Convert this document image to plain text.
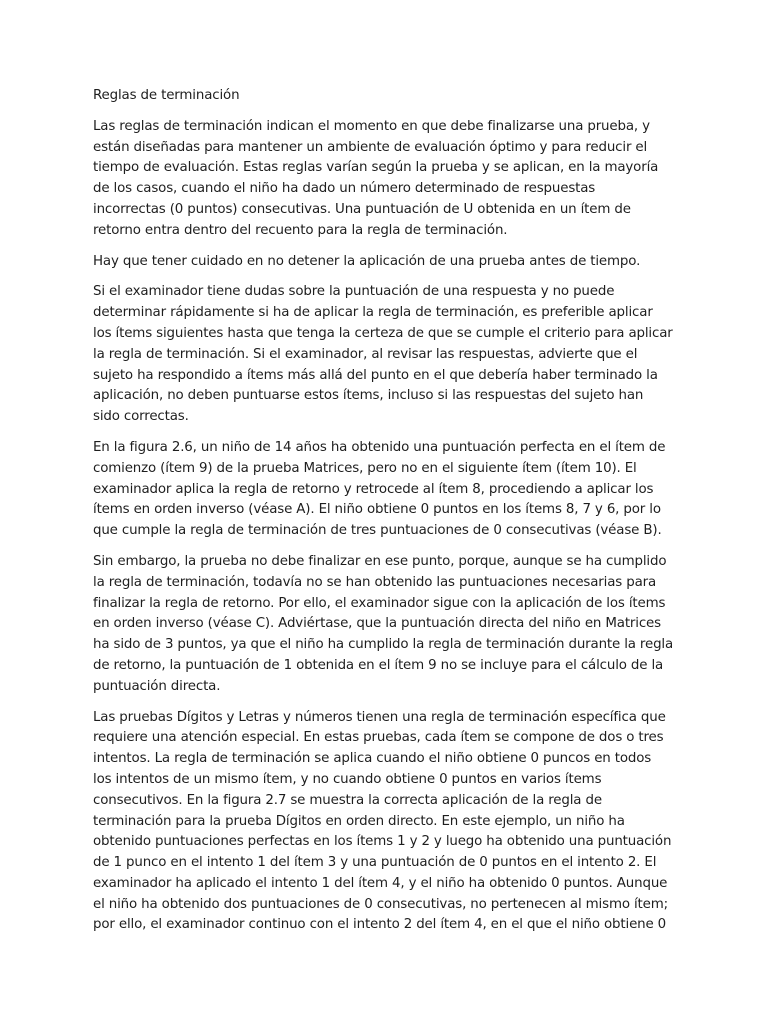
Reglas de terminación

Las reglas de terminación indican el momento en que debe finalizarse una prueba, y
están diseñadas para mantener un ambiente de evaluación óptimo y para reducir el
tiempo de evaluación. Estas reglas varían según la prueba y se aplican, en la mayoría
de los casos, cuando el niño ha dado un número determinado de respuestas
incorrectas (0 puntos) consecutivas. Una puntuación de U obtenida en un ítem de
retorno entra dentro del recuento para la regla de terminación.

Hay que tener cuidado en no detener la aplicación de una prueba antes de tiempo.

Si el examinador tiene dudas sobre la puntuación de una respuesta y no puede
determinar rápidamente si ha de aplicar la regla de terminación, es preferible aplicar
los ítems siguientes hasta que tenga la certeza de que se cumple el criterio para aplicar
la regla de terminación. Si el examinador, al revisar las respuestas, advierte que el
sujeto ha respondido a ítems más allá del punto en el que debería haber terminado la
aplicación, no deben puntuarse estos ítems, incluso si las respuestas del sujeto han
sido correctas.

En la figura 2.6, un niño de 14 años ha obtenido una puntuación perfecta en el ítem de
comienzo (ítem 9) de la prueba Matrices, pero no en el siguiente ítem (ítem 10). El
examinador aplica la regla de retorno y retrocede al ítem 8, procediendo a aplicar los
ítems en orden inverso (véase A). El niño obtiene 0 puntos en los ítems 8, 7 y 6, por lo
que cumple la regla de terminación de tres puntuaciones de 0 consecutivas (véase B).

Sin embargo, la prueba no debe finalizar en ese punto, porque, aunque se ha cumplido
la regla de terminación, todavía no se han obtenido las puntuaciones necesarias para
finalizar la regla de retorno. Por ello, el examinador sigue con la aplicación de los ítems
en orden inverso (véase C). Adviértase, que la puntuación directa del niño en Matrices
ha sido de 3 puntos, ya que el niño ha cumplido la regla de terminación durante la regla
de retorno, la puntuación de 1 obtenida en el ítem 9 no se incluye para el cálculo de la
puntuación directa.

Las pruebas Dígitos y Letras y números tienen una regla de terminación específica que
requiere una atención especial. En estas pruebas, cada ítem se compone de dos o tres
intentos. La regla de terminación se aplica cuando el niño obtiene 0 puncos en todos
los intentos de un mismo ítem, y no cuando obtiene 0 puntos en varios ítems
consecutivos. En la figura 2.7 se muestra la correcta aplicación de la regla de
terminación para la prueba Dígitos en orden directo. En este ejemplo, un niño ha
obtenido puntuaciones perfectas en los ítems 1 y 2 y luego ha obtenido una puntuación
de 1 punco en el intento 1 del ítem 3 y una puntuación de 0 puntos en el intento 2. El
examinador ha aplicado el intento 1 del ítem 4, y el niño ha obtenido 0 puntos. Aunque
el niño ha obtenido dos puntuaciones de 0 consecutivas, no pertenecen al mismo ítem;
por ello, el examinador continuo con el intento 2 del ítem 4, en el que el niño obtiene 0
